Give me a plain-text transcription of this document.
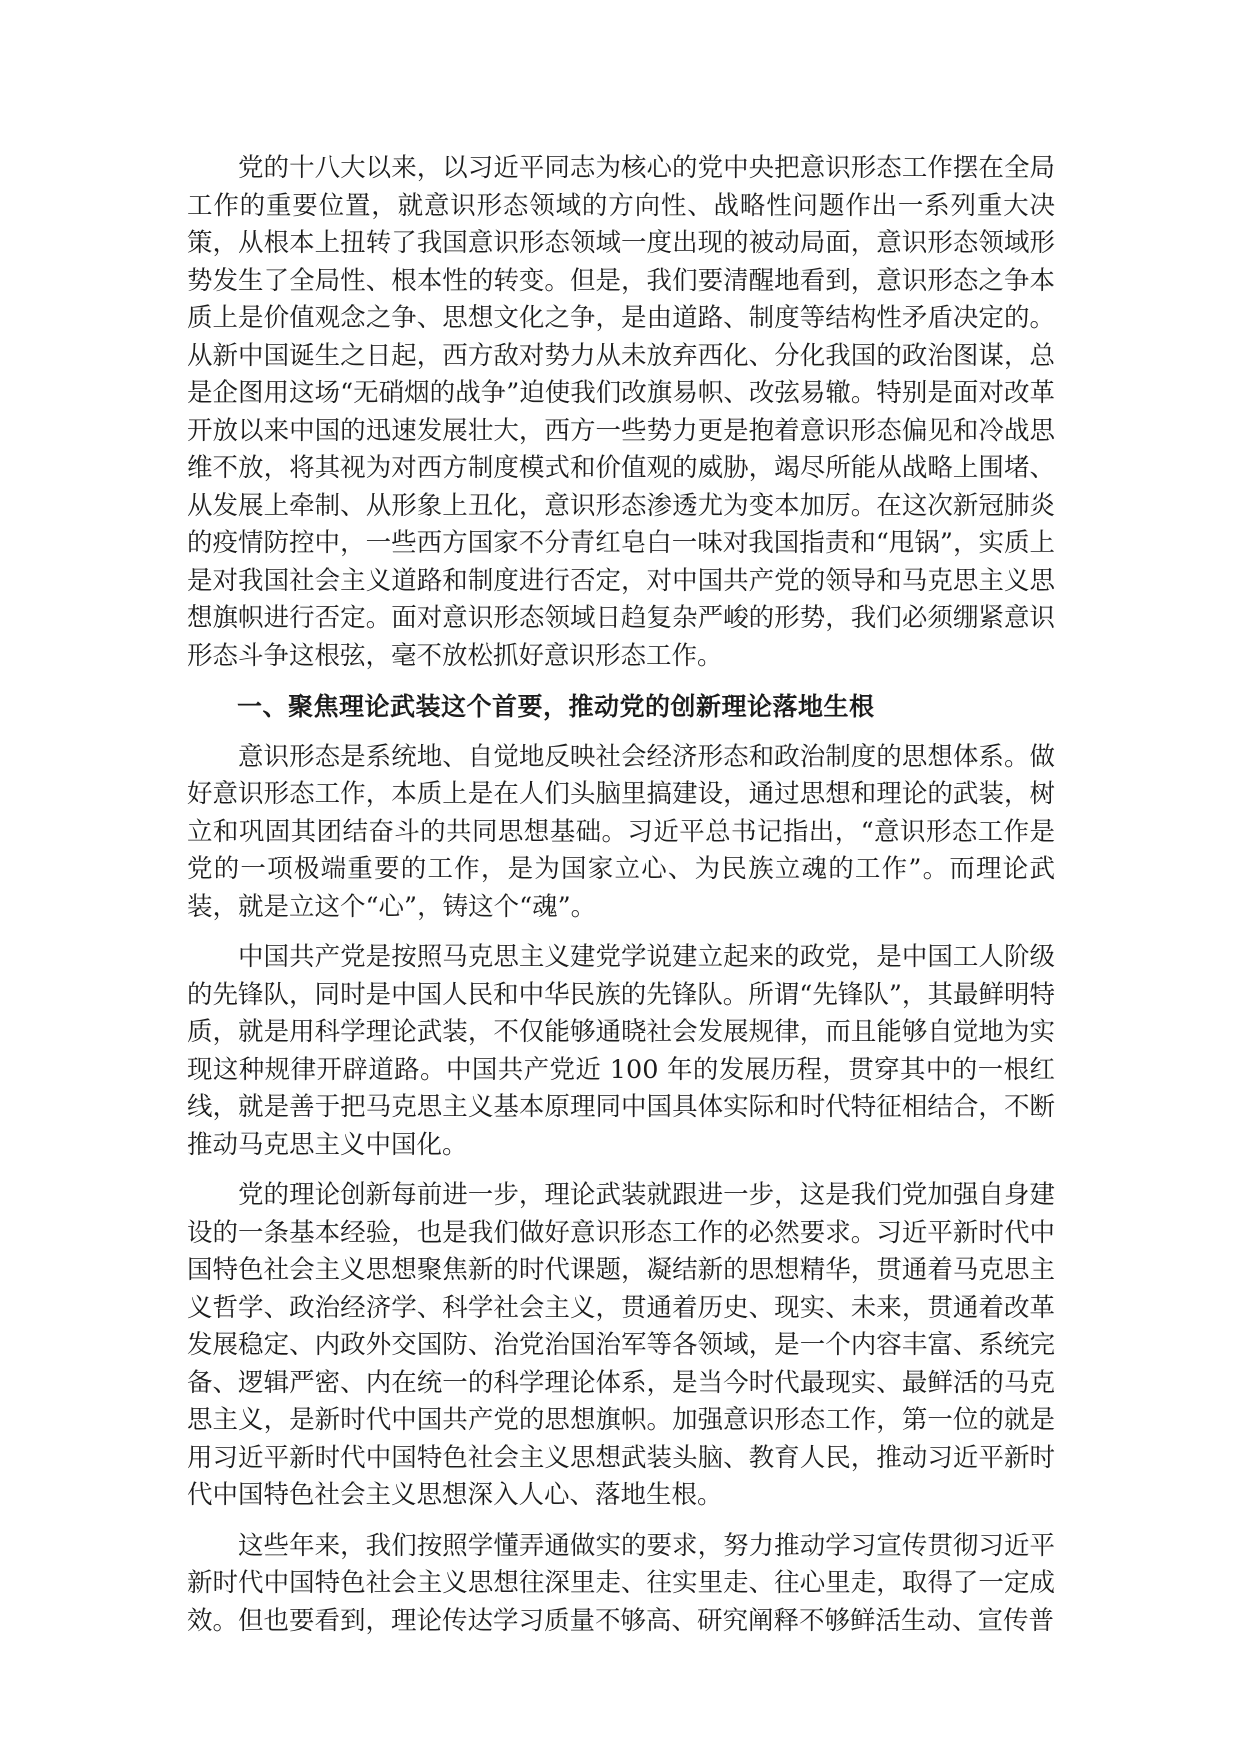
党的十八大以来，以习近平同志为核心的党中央把意识形态工作摆在全局工作的重要位置，就意识形态领域的方向性、战略性问题作出一系列重大决策，从根本上扭转了我国意识形态领域一度出现的被动局面，意识形态领域形势发生了全局性、根本性的转变。但是，我们要清醒地看到，意识形态之争本质上是价值观念之争、思想文化之争，是由道路、制度等结构性矛盾决定的。从新中国诞生之日起，西方敌对势力从未放弃西化、分化我国的政治图谋，总是企图用这场“无硝烟的战争”迫使我们改旗易帜、改弦易辙。特别是面对改革开放以来中国的迅速发展壮大，西方一些势力更是抱着意识形态偏见和冷战思维不放，将其视为对西方制度模式和价值观的威胁，竭尽所能从战略上围堵、从发展上牵制、从形象上丑化，意识形态渗透尤为变本加厉。在这次新冠肺炎的疫情防控中，一些西方国家不分青红皂白一味对我国指责和“甩锅”，实质上是对我国社会主义道路和制度进行否定，对中国共产党的领导和马克思主义思想旗帜进行否定。面对意识形态领域日趋复杂严峻的形势，我们必须绷紧意识形态斗争这根弦，毫不放松抓好意识形态工作。

一、聚焦理论武装这个首要，推动党的创新理论落地生根

意识形态是系统地、自觉地反映社会经济形态和政治制度的思想体系。做好意识形态工作，本质上是在人们头脑里搞建设，通过思想和理论的武装，树立和巩固其团结奋斗的共同思想基础。习近平总书记指出，“意识形态工作是党的一项极端重要的工作，是为国家立心、为民族立魂的工作”。而理论武装，就是立这个“心”，铸这个“魂”。

中国共产党是按照马克思主义建党学说建立起来的政党，是中国工人阶级的先锋队，同时是中国人民和中华民族的先锋队。所谓“先锋队”，其最鲜明特质，就是用科学理论武装，不仅能够通晓社会发展规律，而且能够自觉地为实现这种规律开辟道路。中国共产党近 100 年的发展历程，贯穿其中的一根红线，就是善于把马克思主义基本原理同中国具体实际和时代特征相结合，不断推动马克思主义中国化。

党的理论创新每前进一步，理论武装就跟进一步，这是我们党加强自身建设的一条基本经验，也是我们做好意识形态工作的必然要求。习近平新时代中国特色社会主义思想聚焦新的时代课题，凝结新的思想精华，贯通着马克思主义哲学、政治经济学、科学社会主义，贯通着历史、现实、未来，贯通着改革发展稳定、内政外交国防、治党治国治军等各领域，是一个内容丰富、系统完备、逻辑严密、内在统一的科学理论体系，是当今时代最现实、最鲜活的马克思主义，是新时代中国共产党的思想旗帜。加强意识形态工作，第一位的就是用习近平新时代中国特色社会主义思想武装头脑、教育人民，推动习近平新时代中国特色社会主义思想深入人心、落地生根。

这些年来，我们按照学懂弄通做实的要求，努力推动学习宣传贯彻习近平新时代中国特色社会主义思想往深里走、往实里走、往心里走，取得了一定成效。但也要看到，理论传达学习质量不够高、研究阐释不够鲜活生动、宣传普
